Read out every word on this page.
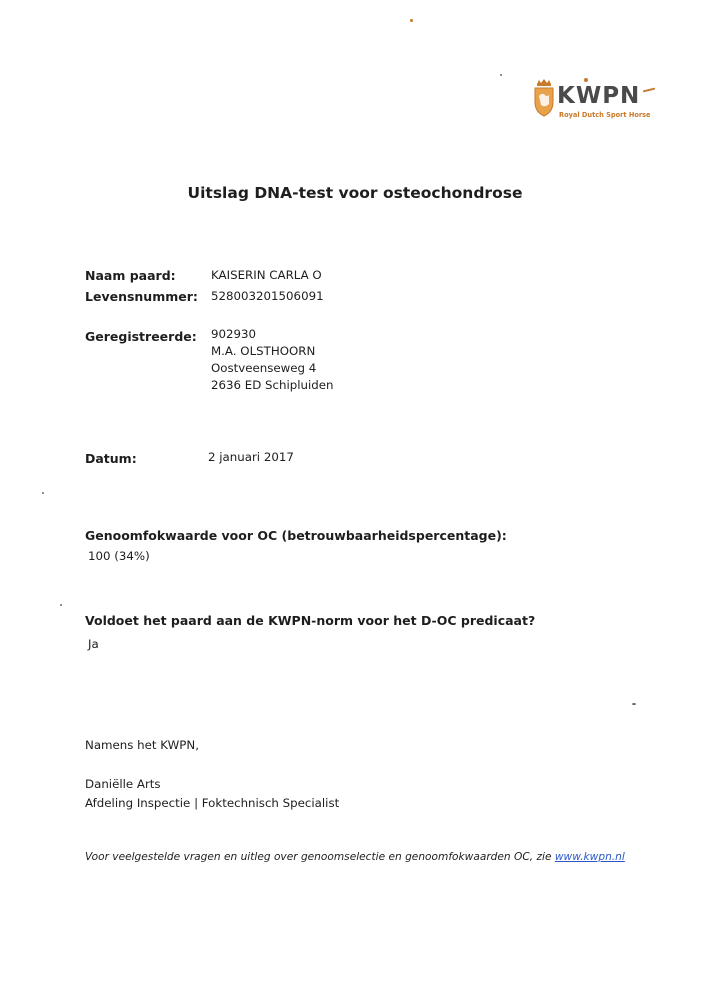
KWPN
Royal Dutch Sport Horse
Uitslag DNA-test voor osteochondrose
Naam paard:	KAISERIN CARLA O
Levensnummer: 528003201506091
Geregistreerde: 902930
M.A. OLSTHOORN
Oostveenseweg 4
2636 ED Schipluiden
Datum:	2 januari 2017
Genoomfokwaarde voor OC (betrouwbaarheidspercentage):
100 (34%)
Voldoet het paard aan de KWPN-norm voor het D-OC predicaat?
Ja
Namens het KWPN,
Daniëlle Arts
Afdeling Inspectie | Foktechnisch Specialist
Voor veelgestelde vragen en uitleg over genoomselectie en genoomfokwaarden OC, zie www.kwpn.nl
